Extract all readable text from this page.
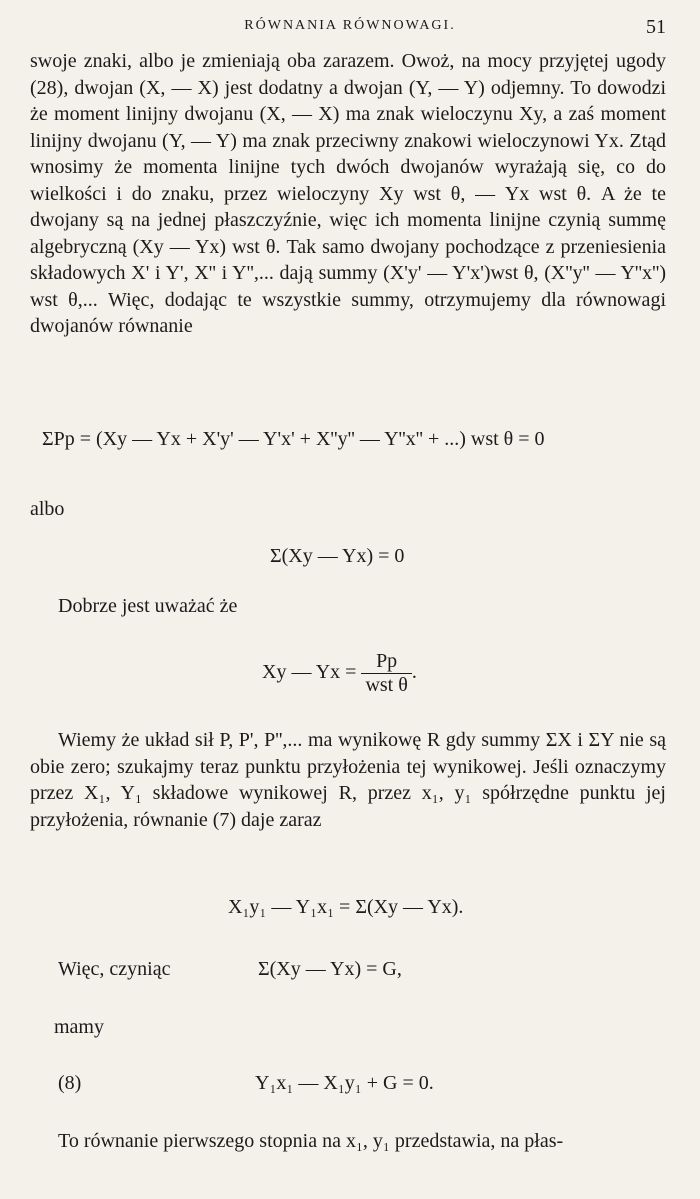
RÓWNANIA RÓWNOWAGI.	51
swoje znaki, albo je zmieniają oba zarazem. Owoż, na mocy przyjętej ugody (28), dwojan (X, — X) jest dodatny a dwojan (Y, — Y) odjemny. To dowodzi że moment linijny dwojanu (X, — X) ma znak wieloczynu Xy, a zaś moment linijny dwojanu (Y, — Y) ma znak przeciwny znakowi wieloczynowi Yx. Ztąd wnosimy że momenta linijne tych dwóch dwojanów wyrażają się, co do wielkości i do znaku, przez wieloczyny Xy wst θ, — Yx wst θ. A że te dwojany są na jednej płaszczyźnie, więc ich momenta linijne czynią summę algebryczną (Xy — Yx) wst θ. Tak samo dwojany pochodzące z przeniesienia składowych X' i Y', X'' i Y'',... dają summy (X'y' — Y'x')wst θ, (X''y'' — Y''x'') wst θ,... Więc, dodając te wszystkie summy, otrzymujemy dla równowagi dwojanów równanie
ΣPp = (Xy — Yx + X'y' — Y'x' + X''y'' — Y''x'' + ...) wst θ = 0
albo
Σ(Xy — Yx) = 0
Dobrze jest uważać że
Xy — $Yx = \frac{Pp}{\text{wst θ}}$ .
Wiemy że układ sił P, P', P'',... ma wynikowę R gdy summy ΣX i ΣY nie są obie zero; szukajmy teraz punktu przyłożenia tej wynikowej. Jeśli oznaczymy przez X₁, Y₁ składowe wynikowej R, przez x₁, y₁ spółrzędne punktu jej przyłożenia, równanie (7) daje zaraz
X₁y₁ — Y₁x₁ = Σ(Xy — Yx).
Więc, czyniąc	Σ(Xy — Yx) = G,
mamy
(8)	Y₁x₁ — X₁y₁ + G = 0.
To równanie pierwszego stopnia na x₁, y₁ przedstawia, na płas-
